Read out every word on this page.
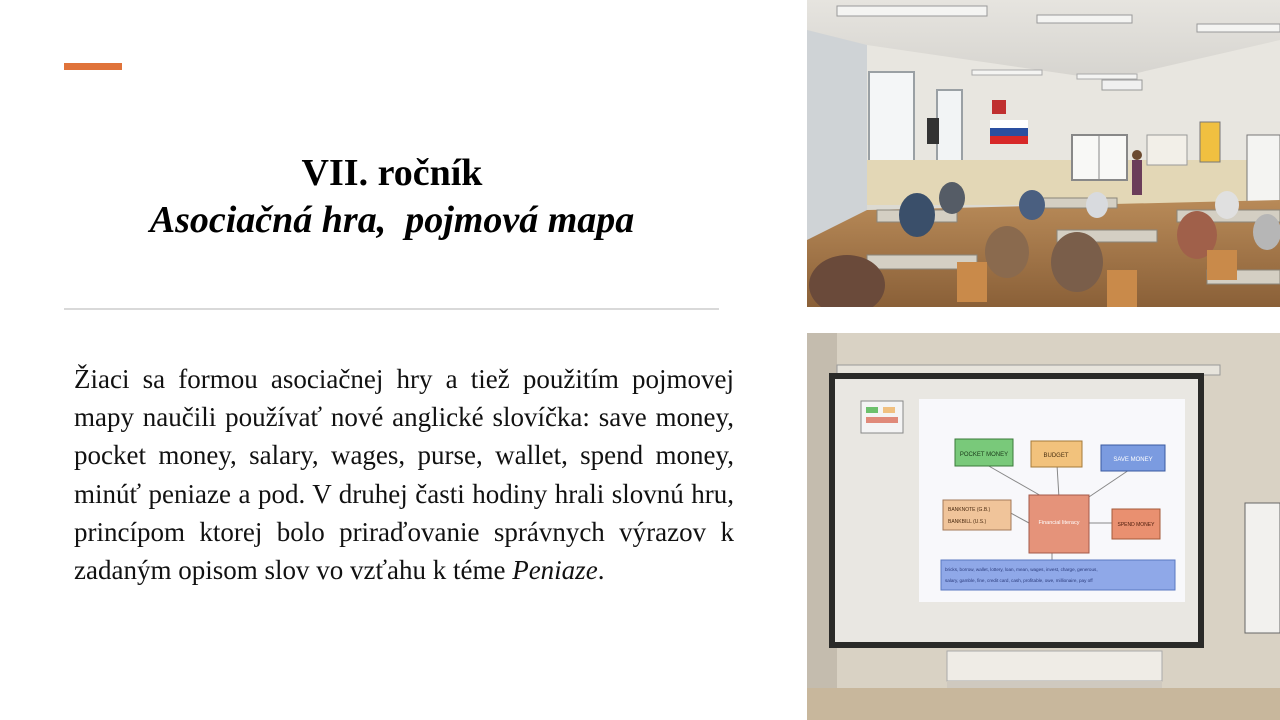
VII. ročník
Asociačná hra,  pojmová mapa
Žiaci sa formou asociačnej hry a tiež použitím pojmovej mapy naučili používať nové anglické slovíčka: save money, pocket money, salary, wages, purse, wallet, spend money, minúť peniaze a pod. V druhej časti hodiny hrali slovnú hru, princípom ktorej bolo priraďovanie správnych výrazov k zadaným opisom slov vo vzťahu k téme Peniaze.
POCKET MONEY	BUDGET
SAVE MONEY
BANKNOTE (G.B.)
BANKBILL (U.S.)	Financial literacy	SPEND MONEY
bricks, borrow, wallet, lottery, loan, mean, wages, invest, charge, generous,
salary, gamble, fine, credit card, cash, profitable, owe, millionaire, pay off
